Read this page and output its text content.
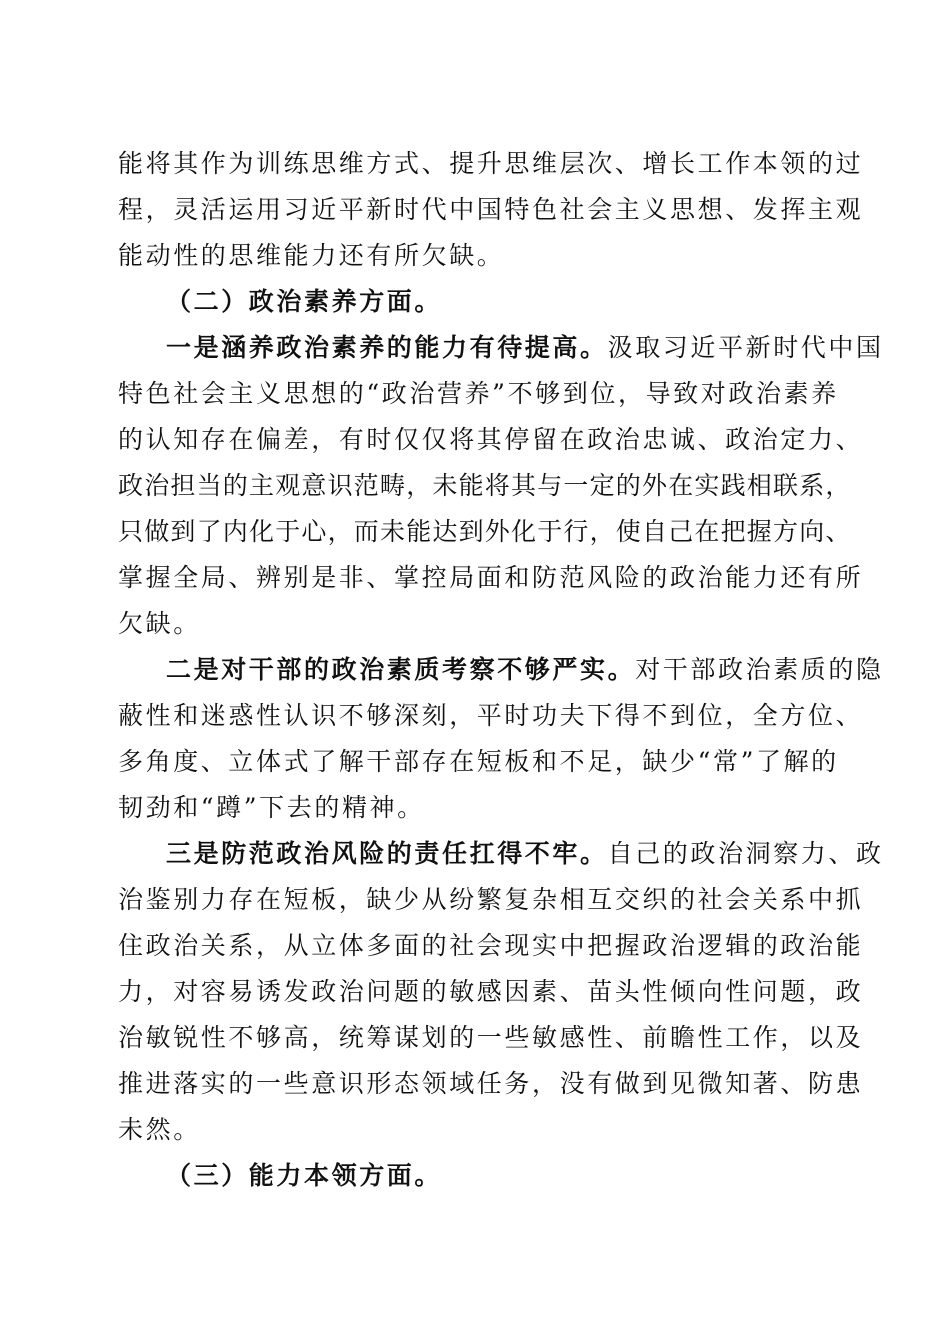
能将其作为训练思维方式、提升思维层次、增长工作本领的过
程，灵活运用习近平新时代中国特色社会主义思想、发挥主观
能动性的思维能力还有所欠缺。
（二）政治素养方面。
一是涵养政治素养的能力有待提高。汲取习近平新时代中国
特色社会主义思想的“政治营养”不够到位，导致对政治素养
的认知存在偏差，有时仅仅将其停留在政治忠诚、政治定力、
政治担当的主观意识范畴，未能将其与一定的外在实践相联系，
只做到了内化于心，而未能达到外化于行，使自己在把握方向、
掌握全局、辨别是非、掌控局面和防范风险的政治能力还有所
欠缺。
二是对干部的政治素质考察不够严实。对干部政治素质的隐
蔽性和迷惑性认识不够深刻，平时功夫下得不到位，全方位、
多角度、立体式了解干部存在短板和不足，缺少“常”了解的
韧劲和“蹲”下去的精神。
三是防范政治风险的责任扛得不牢。自己的政治洞察力、政
治鉴别力存在短板，缺少从纷繁复杂相互交织的社会关系中抓
住政治关系，从立体多面的社会现实中把握政治逻辑的政治能
力，对容易诱发政治问题的敏感因素、苗头性倾向性问题，政
治敏锐性不够高，统筹谋划的一些敏感性、前瞻性工作，以及
推进落实的一些意识形态领域任务，没有做到见微知著、防患
未然。
（三）能力本领方面。
